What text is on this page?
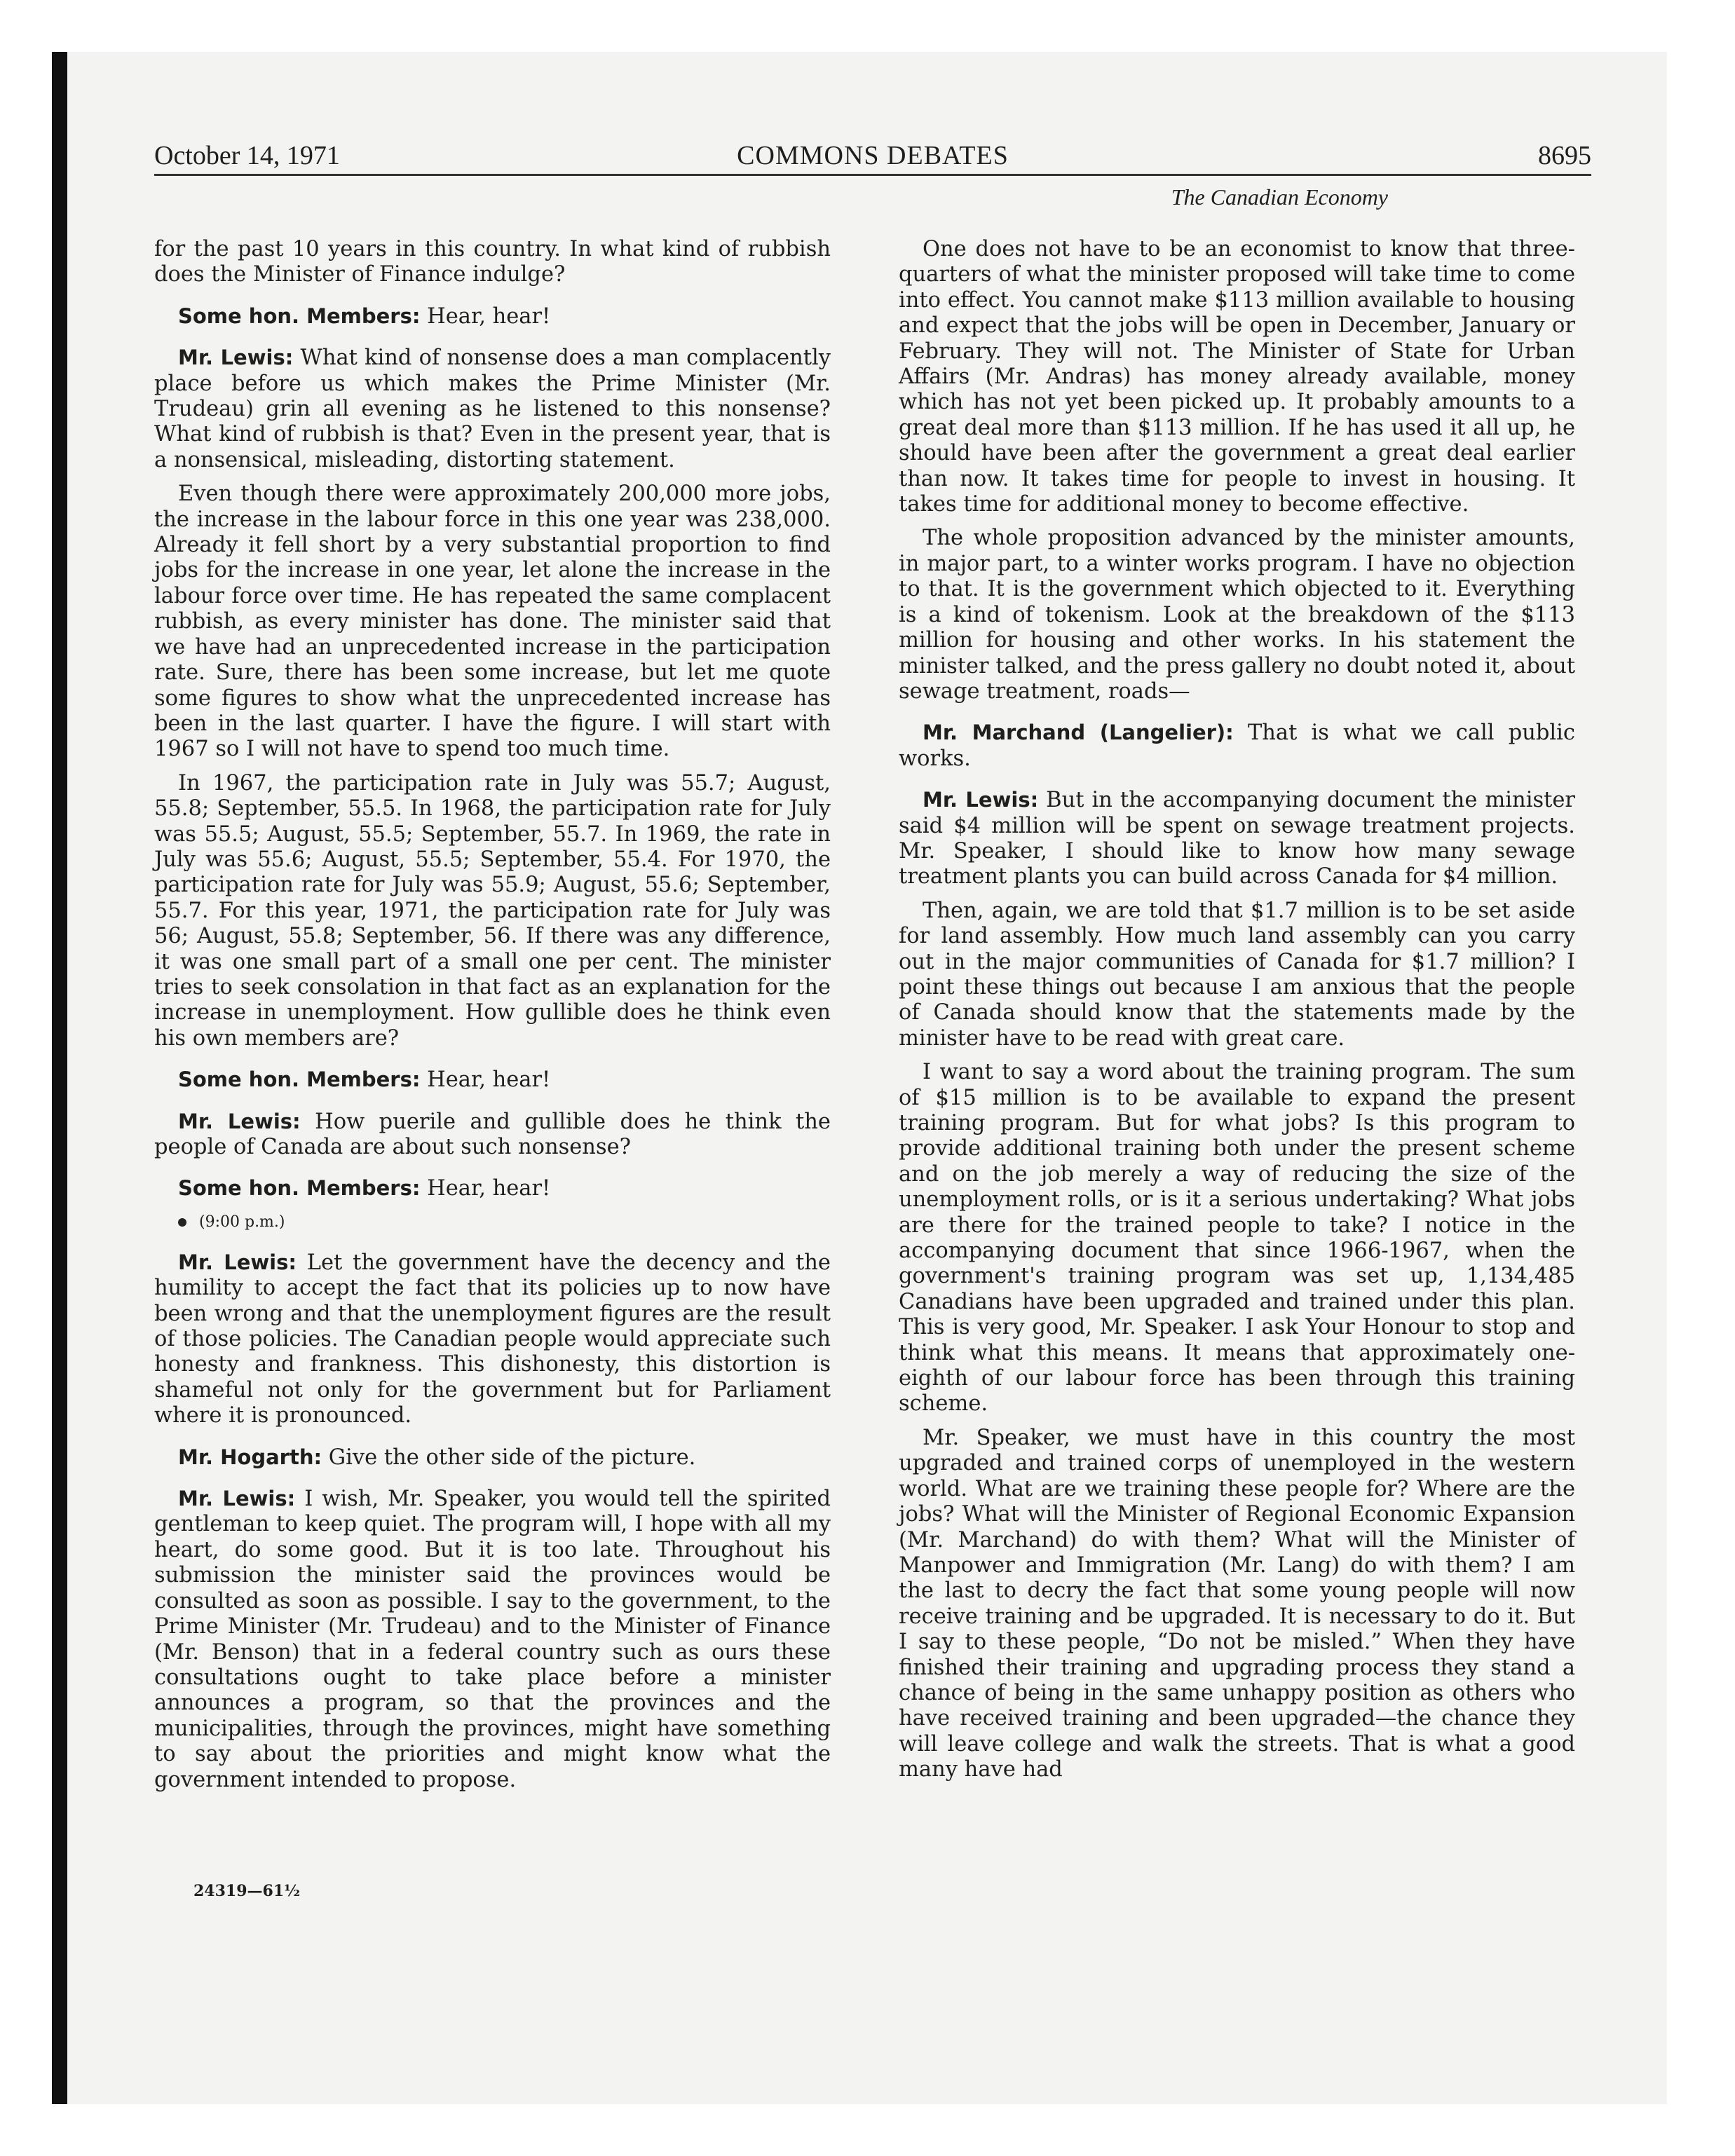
October 14, 1971	COMMONS DEBATES	8695
The Canadian Economy

for the past 10 years in this country. In what kind of rubbish does the Minister of Finance indulge?

Some hon. Members: Hear, hear!

Mr. Lewis: What kind of nonsense does a man complacently place before us which makes the Prime Minister (Mr. Trudeau) grin all evening as he listened to this nonsense? What kind of rubbish is that? Even in the present year, that is a nonsensical, misleading, distorting statement.

Even though there were approximately 200,000 more jobs, the increase in the labour force in this one year was 238,000. Already it fell short by a very substantial proportion to find jobs for the increase in one year, let alone the increase in the labour force over time. He has repeated the same complacent rubbish, as every minister has done. The minister said that we have had an unprecedented increase in the participation rate. Sure, there has been some increase, but let me quote some figures to show what the unprecedented increase has been in the last quarter. I have the figure. I will start with 1967 so I will not have to spend too much time.

In 1967, the participation rate in July was 55.7; August, 55.8; September, 55.5. In 1968, the participation rate for July was 55.5; August, 55.5; September, 55.7. In 1969, the rate in July was 55.6; August, 55.5; September, 55.4. For 1970, the participation rate for July was 55.9; August, 55.6; September, 55.7. For this year, 1971, the participation rate for July was 56; August, 55.8; September, 56. If there was any difference, it was one small part of a small one per cent. The minister tries to seek consolation in that fact as an explanation for the increase in unemployment. How gullible does he think even his own members are?

Some hon. Members: Hear, hear!

Mr. Lewis: How puerile and gullible does he think the people of Canada are about such nonsense?

Some hon. Members: Hear, hear!

(9:00 p.m.)

Mr. Lewis: Let the government have the decency and the humility to accept the fact that its policies up to now have been wrong and that the unemployment figures are the result of those policies. The Canadian people would appreciate such honesty and frankness. This dishonesty, this distortion is shameful not only for the government but for Parliament where it is pronounced.

Mr. Hogarth: Give the other side of the picture.

Mr. Lewis: I wish, Mr. Speaker, you would tell the spirited gentleman to keep quiet. The program will, I hope with all my heart, do some good. But it is too late. Throughout his submission the minister said the provinces would be consulted as soon as possible. I say to the government, to the Prime Minister (Mr. Trudeau) and to the Minister of Finance (Mr. Benson) that in a federal country such as ours these consultations ought to take place before a minister announces a program, so that the provinces and the municipalities, through the provinces, might have something to say about the priorities and might know what the government intended to propose.

One does not have to be an economist to know that three-quarters of what the minister proposed will take time to come into effect. You cannot make $113 million available to housing and expect that the jobs will be open in December, January or February. They will not. The Minister of State for Urban Affairs (Mr. Andras) has money already available, money which has not yet been picked up. It probably amounts to a great deal more than $113 million. If he has used it all up, he should have been after the government a great deal earlier than now. It takes time for people to invest in housing. It takes time for additional money to become effective.

The whole proposition advanced by the minister amounts, in major part, to a winter works program. I have no objection to that. It is the government which objected to it. Everything is a kind of tokenism. Look at the breakdown of the $113 million for housing and other works. In his statement the minister talked, and the press gallery no doubt noted it, about sewage treatment, roads—

Mr. Marchand (Langelier): That is what we call public works.

Mr. Lewis: But in the accompanying document the minister said $4 million will be spent on sewage treatment projects. Mr. Speaker, I should like to know how many sewage treatment plants you can build across Canada for $4 million.

Then, again, we are told that $1.7 million is to be set aside for land assembly. How much land assembly can you carry out in the major communities of Canada for $1.7 million? I point these things out because I am anxious that the people of Canada should know that the statements made by the minister have to be read with great care.

I want to say a word about the training program. The sum of $15 million is to be available to expand the present training program. But for what jobs? Is this program to provide additional training both under the present scheme and on the job merely a way of reducing the size of the unemployment rolls, or is it a serious undertaking? What jobs are there for the trained people to take? I notice in the accompanying document that since 1966-1967, when the government's training program was set up, 1,134,485 Canadians have been upgraded and trained under this plan. This is very good, Mr. Speaker. I ask Your Honour to stop and think what this means. It means that approximately one-eighth of our labour force has been through this training scheme.

Mr. Speaker, we must have in this country the most upgraded and trained corps of unemployed in the western world. What are we training these people for? Where are the jobs? What will the Minister of Regional Economic Expansion (Mr. Marchand) do with them? What will the Minister of Manpower and Immigration (Mr. Lang) do with them? I am the last to decry the fact that some young people will now receive training and be upgraded. It is necessary to do it. But I say to these people, “Do not be misled.” When they have finished their training and upgrading process they stand a chance of being in the same unhappy position as others who have received training and been upgraded—the chance they will leave college and walk the streets. That is what a good many have had

24319—61½
